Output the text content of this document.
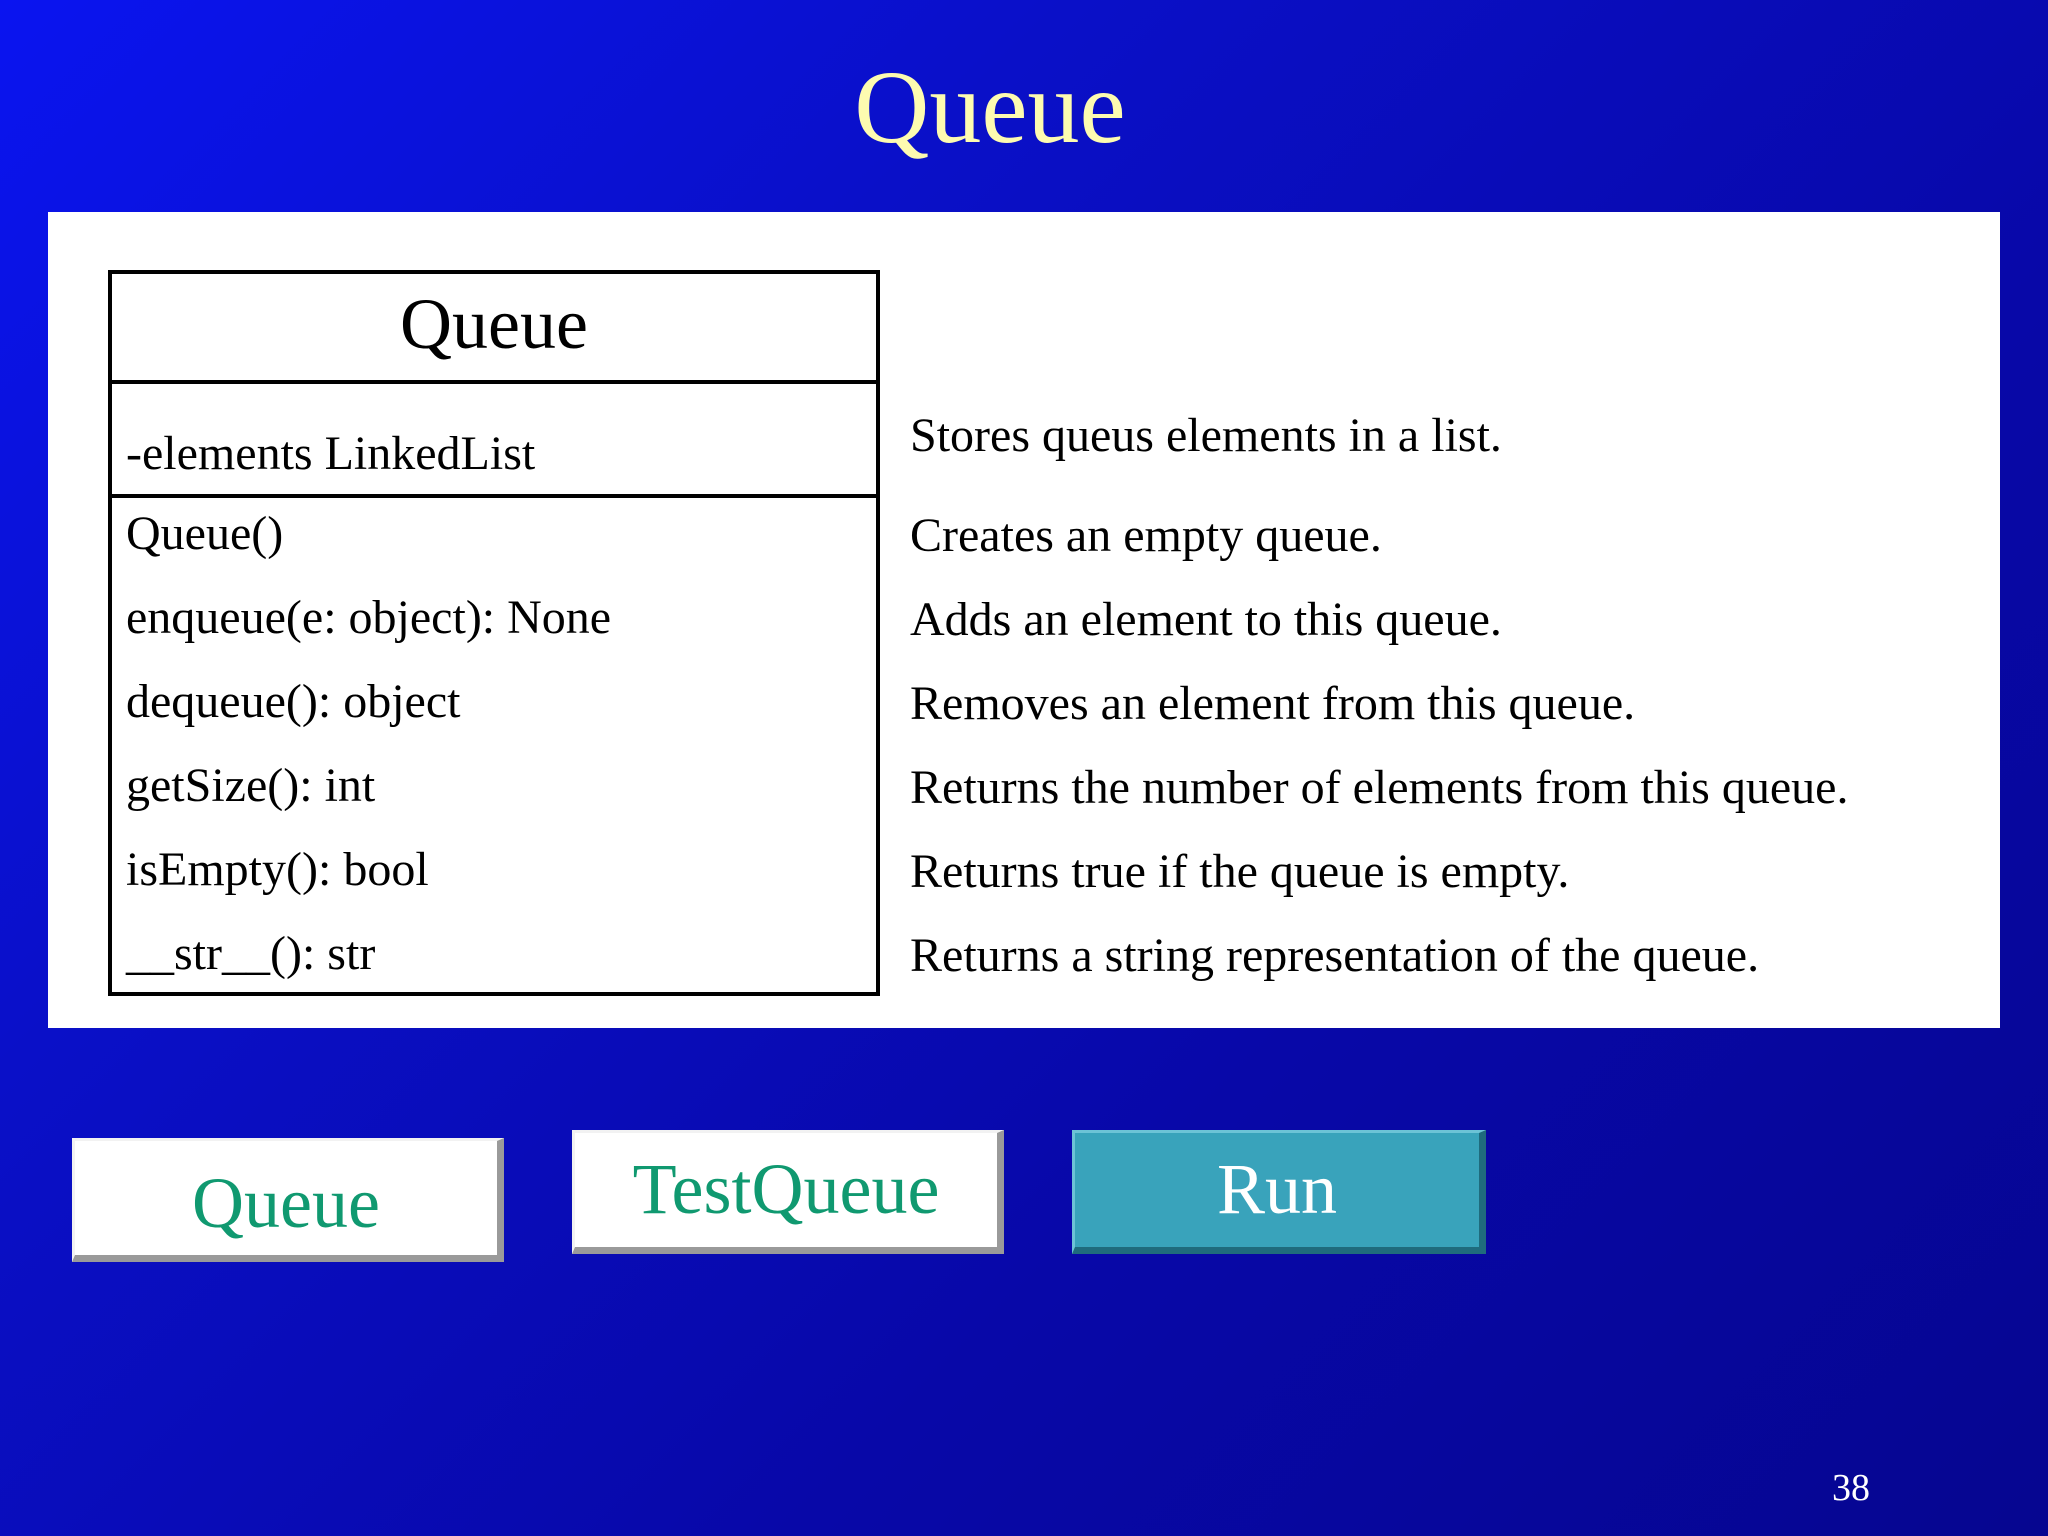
Queue
Queue
-elements LinkedList
Queue()
enqueue(e: object): None
dequeue(): object
getSize(): int
isEmpty(): bool
__str__(): str
Stores queus elements in a list.
Creates an empty queue.
Adds an element to this queue.
Removes an element from this queue.
Returns the number of elements from this queue.
Returns true if the queue is empty.
Returns a string representation of the queue.
Queue	TestQueue	Run
38
